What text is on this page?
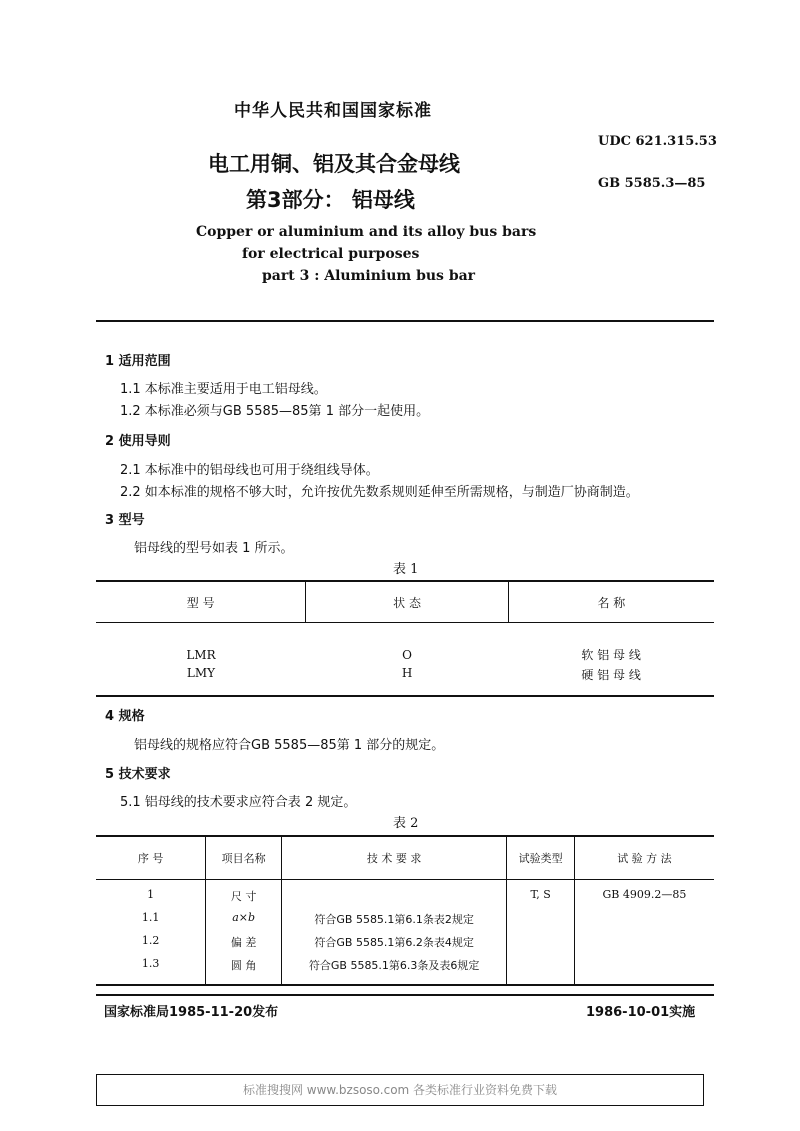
中华人民共和国国家标准
UDC 621.315.53
GB 5585.3—85
电工用铜、铝及其合金母线
第3部分： 铝母线
Copper or aluminium and its alloy bus bars
for electrical purposes
part 3 : Aluminium bus bar
1 适用范围
1.1 本标准主要适用于电工铝母线。
1.2 本标准必须与GB 5585—85第 1 部分一起使用。
2 使用导则
2.1 本标准中的铝母线也可用于绕组线导体。
2.2 如本标准的规格不够大时，允许按优先数系规则延伸至所需规格，与制造厂协商制造。
3 型号
铝母线的型号如表 1 所示。
表 1
型 号	状 态	名 称

LMR	O	软 铝 母 线
LMY	H	硬 铝 母 线
4 规格
铝母线的规格应符合GB 5585—85第 1 部分的规定。
5 技术要求
5.1 铝母线的技术要求应符合表 2 规定。
表 2
序 号	项目名称	技 术 要 求	试验类型	试 验 方 法
1	尺 寸		T, S	GB 4909.2—85
1.1	a×b	符合GB 5585.1第6.1条表2规定		
1.2	偏 差	符合GB 5585.1第6.2条表4规定		
1.3	圆 角	符合GB 5585.1第6.3条及表6规定		
国家标准局1985-11-20发布	1986-10-01实施
标准搜搜网 www.bzsoso.com 各类标准行业资料免费下载
